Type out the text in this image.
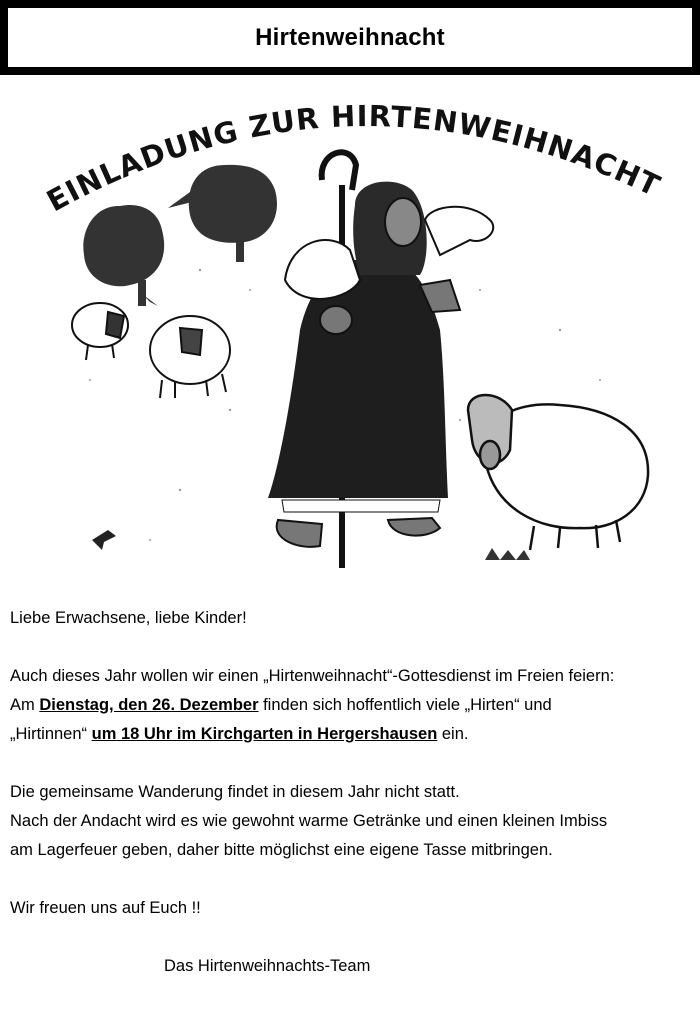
Hirtenweihnacht
EINLADUNG ZUR HIRTENWEIHNACHT

Liebe Erwachsene, liebe Kinder!

Auch dieses Jahr wollen wir einen „Hirtenweihnacht“-Gottesdienst im Freien feiern:

Am Dienstag, den 26. Dezember finden sich hoffentlich viele „Hirten“ und

„Hirtinnen“ um 18 Uhr im Kirchgarten in Hergershausen ein.

Die gemeinsame Wanderung findet in diesem Jahr nicht statt.

Nach der Andacht wird es wie gewohnt warme Getränke und einen kleinen Imbiss

am Lagerfeuer geben, daher bitte möglichst eine eigene Tasse mitbringen.

Wir freuen uns auf Euch !!

Das Hirtenweihnachts-Team
